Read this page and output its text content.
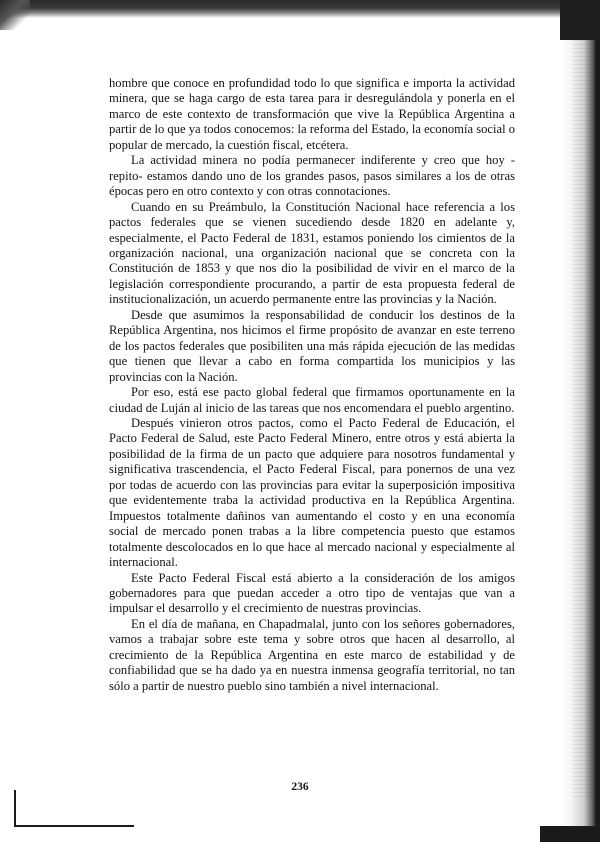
hombre que conoce en profundidad todo lo que significa e importa la actividad minera, que se haga cargo de esta tarea para ir desregulándola y ponerla en el marco de este contexto de transformación que vive la República Argentina a partir de lo que ya todos conocemos: la reforma del Estado, la economía social o popular de mercado, la cuestión fiscal, etcétera.

La actividad minera no podía permanecer indiferente y creo que hoy - repito- estamos dando uno de los grandes pasos, pasos similares a los de otras épocas pero en otro contexto y con otras connotaciones.

Cuando en su Preámbulo, la Constitución Nacional hace referencia a los pactos federales que se vienen sucediendo desde 1820 en adelante y, especialmente, el Pacto Federal de 1831, estamos poniendo los cimientos de la organización nacional, una organización nacional que se concreta con la Constitución de 1853 y que nos dio la posibilidad de vivir en el marco de la legislación correspondiente procurando, a partir de esta propuesta federal de institucionalización, un acuerdo permanente entre las provincias y la Nación.

Desde que asumimos la responsabilidad de conducir los destinos de la República Argentina, nos hicimos el firme propósito de avanzar en este terreno de los pactos federales que posibiliten una más rápida ejecución de las medidas que tienen que llevar a cabo en forma compartida los municipios y las provincias con la Nación.

Por eso, está ese pacto global federal que firmamos oportunamente en la ciudad de Luján al inicio de las tareas que nos encomendara el pueblo argentino.

Después vinieron otros pactos, como el Pacto Federal de Educación, el Pacto Federal de Salud, este Pacto Federal Minero, entre otros y está abierta la posibilidad de la firma de un pacto que adquiere para nosotros fundamental y significativa trascendencia, el Pacto Federal Fiscal, para ponernos de una vez por todas de acuerdo con las provincias para evitar la superposición impositiva que evidentemente traba la actividad productiva en la República Argentina. Impuestos totalmente dañinos van aumentando el costo y en una economía social de mercado ponen trabas a la libre competencia puesto que estamos totalmente descolocados en lo que hace al mercado nacional y especialmente al internacional.

Este Pacto Federal Fiscal está abierto a la consideración de los amigos gobernadores para que puedan acceder a otro tipo de ventajas que van a impulsar el desarrollo y el crecimiento de nuestras provincias.

En el día de mañana, en Chapadmalal, junto con los señores gobernadores, vamos a trabajar sobre este tema y sobre otros que hacen al desarrollo, al crecimiento de la República Argentina en este marco de estabilidad y de confiabilidad que se ha dado ya en nuestra inmensa geografía territorial, no tan sólo a partir de nuestro pueblo sino también a nivel internacional.

236
